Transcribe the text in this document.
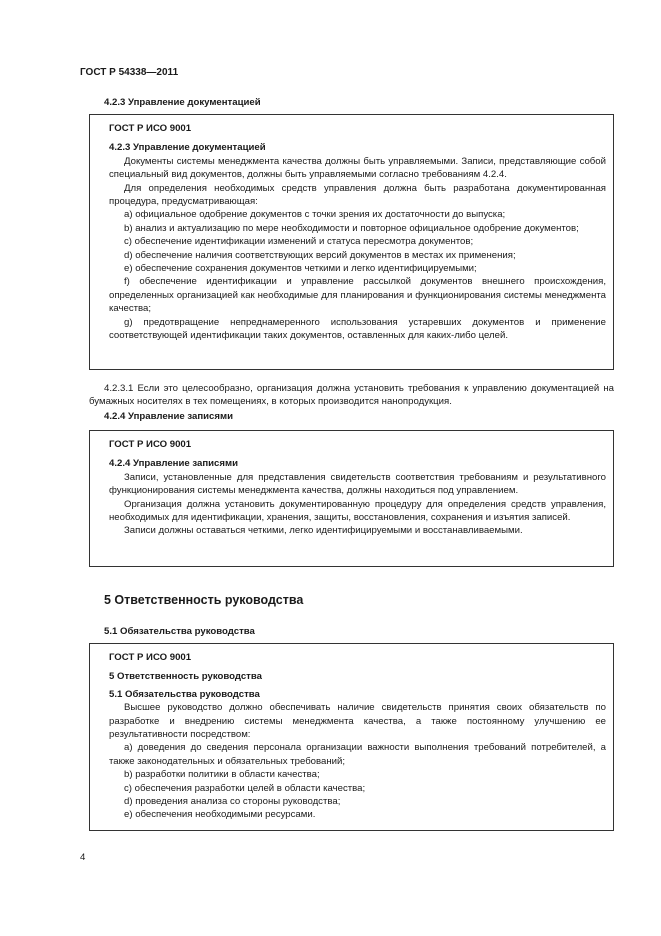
ГОСТ Р 54338—2011
4.2.3 Управление документацией

ГОСТ Р ИСО 9001

4.2.3 Управление документацией

Документы системы менеджмента качества должны быть управляемыми. Записи, представляющие собой специальный вид документов, должны быть управляемыми согласно требованиям 4.2.4.

Для определения необходимых средств управления должна быть разработана документированная процедура, предусматривающая:

а) официальное одобрение документов с точки зрения их достаточности до выпуска;

b) анализ и актуализацию по мере необходимости и повторное официальное одобрение документов;

с) обеспечение идентификации изменений и статуса пересмотра документов;

d) обеспечение наличия соответствующих версий документов в местах их применения;

е) обеспечение сохранения документов четкими и легко идентифицируемыми;

f) обеспечение идентификации и управление рассылкой документов внешнего происхождения, определенных организацией как необходимые для планирования и функционирования системы менеджмента качества;

g) предотвращение непреднамеренного использования устаревших документов и применение соответствующей идентификации таких документов, оставленных для каких-либо целей.

4.2.3.1 Если это целесообразно, организация должна установить требования к управлению документацией на бумажных носителях в тех помещениях, в которых производится нанопродукция.

4.2.4 Управление записями

ГОСТ Р ИСО 9001

4.2.4 Управление записями

Записи, установленные для представления свидетельств соответствия требованиям и результативного функционирования системы менеджмента качества, должны находиться под управлением.

Организация должна установить документированную процедуру для определения средств управления, необходимых для идентификации, хранения, защиты, восстановления, сохранения и изъятия записей.

Записи должны оставаться четкими, легко идентифицируемыми и восстанавливаемыми.

5 Ответственность руководства
5.1 Обязательства руководства

ГОСТ Р ИСО 9001

5 Ответственность руководства

5.1 Обязательства руководства

Высшее руководство должно обеспечивать наличие свидетельств принятия своих обязательств по разработке и внедрению системы менеджмента качества, а также постоянному улучшению ее результативности посредством:

а) доведения до сведения персонала организации важности выполнения требований потребителей, а также законодательных и обязательных требований;

b) разработки политики в области качества;

с) обеспечения разработки целей в области качества;

d) проведения анализа со стороны руководства;

е) обеспечения необходимыми ресурсами.

4
